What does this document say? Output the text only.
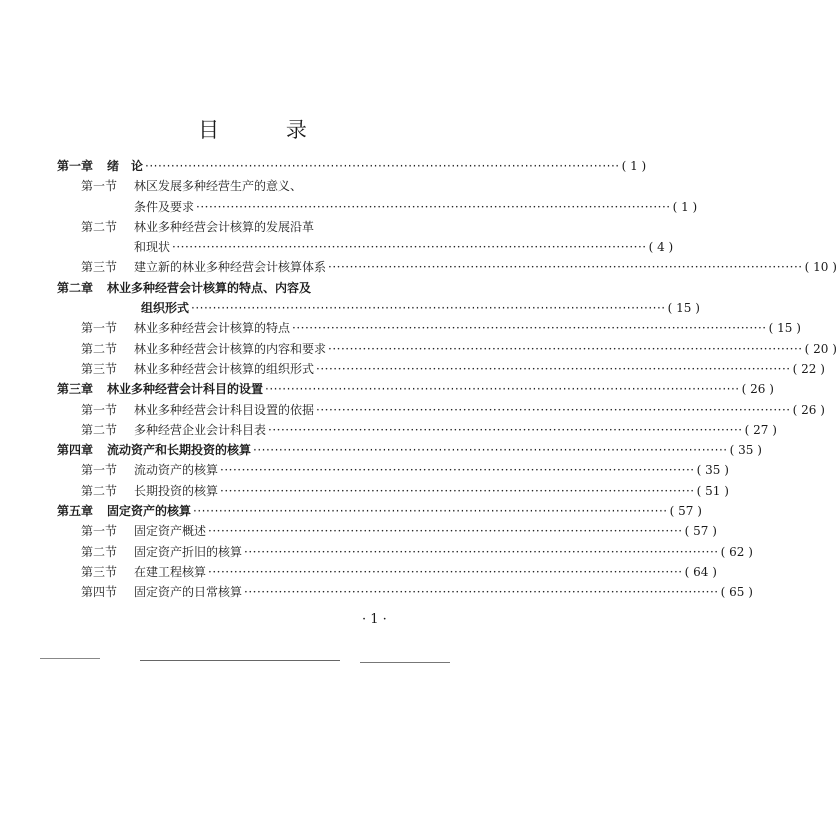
目 录
第一章	绪　论 ·····	( 1 )
第一节	林区发展多种经营生产的意义、
条件及要求 ·····	( 1 )
第二节	林业多种经营会计核算的发展沿革
和现状 ·····	( 4 )
第三节	建立新的林业多种经营会计核算体系 ·····	( 10 )
第二章	林业多种经营会计核算的特点、内容及
组织形式 ·····	( 15 )
第一节	林业多种经营会计核算的特点 ·····	( 15 )
第二节	林业多种经营会计核算的内容和要求 ·····	( 20 )
第三节	林业多种经营会计核算的组织形式 ·····	( 22 )
第三章	林业多种经营会计科目的设置 ·····	( 26 )
第一节	林业多种经营会计科目设置的依据 ·····	( 26 )
第二节	多种经营企业会计科目表 ·····	( 27 )
第四章	流动资产和长期投资的核算 ·····	( 35 )
第一节	流动资产的核算 ·····	( 35 )
第二节	长期投资的核算 ·····	( 51 )
第五章	固定资产的核算 ·····	( 57 )
第一节	固定资产概述 ·····	( 57 )
第二节	固定资产折旧的核算 ·····	( 62 )
第三节	在建工程核算 ·····	( 64 )
第四节	固定资产的日常核算 ·····	( 65 )
· 1 ·
